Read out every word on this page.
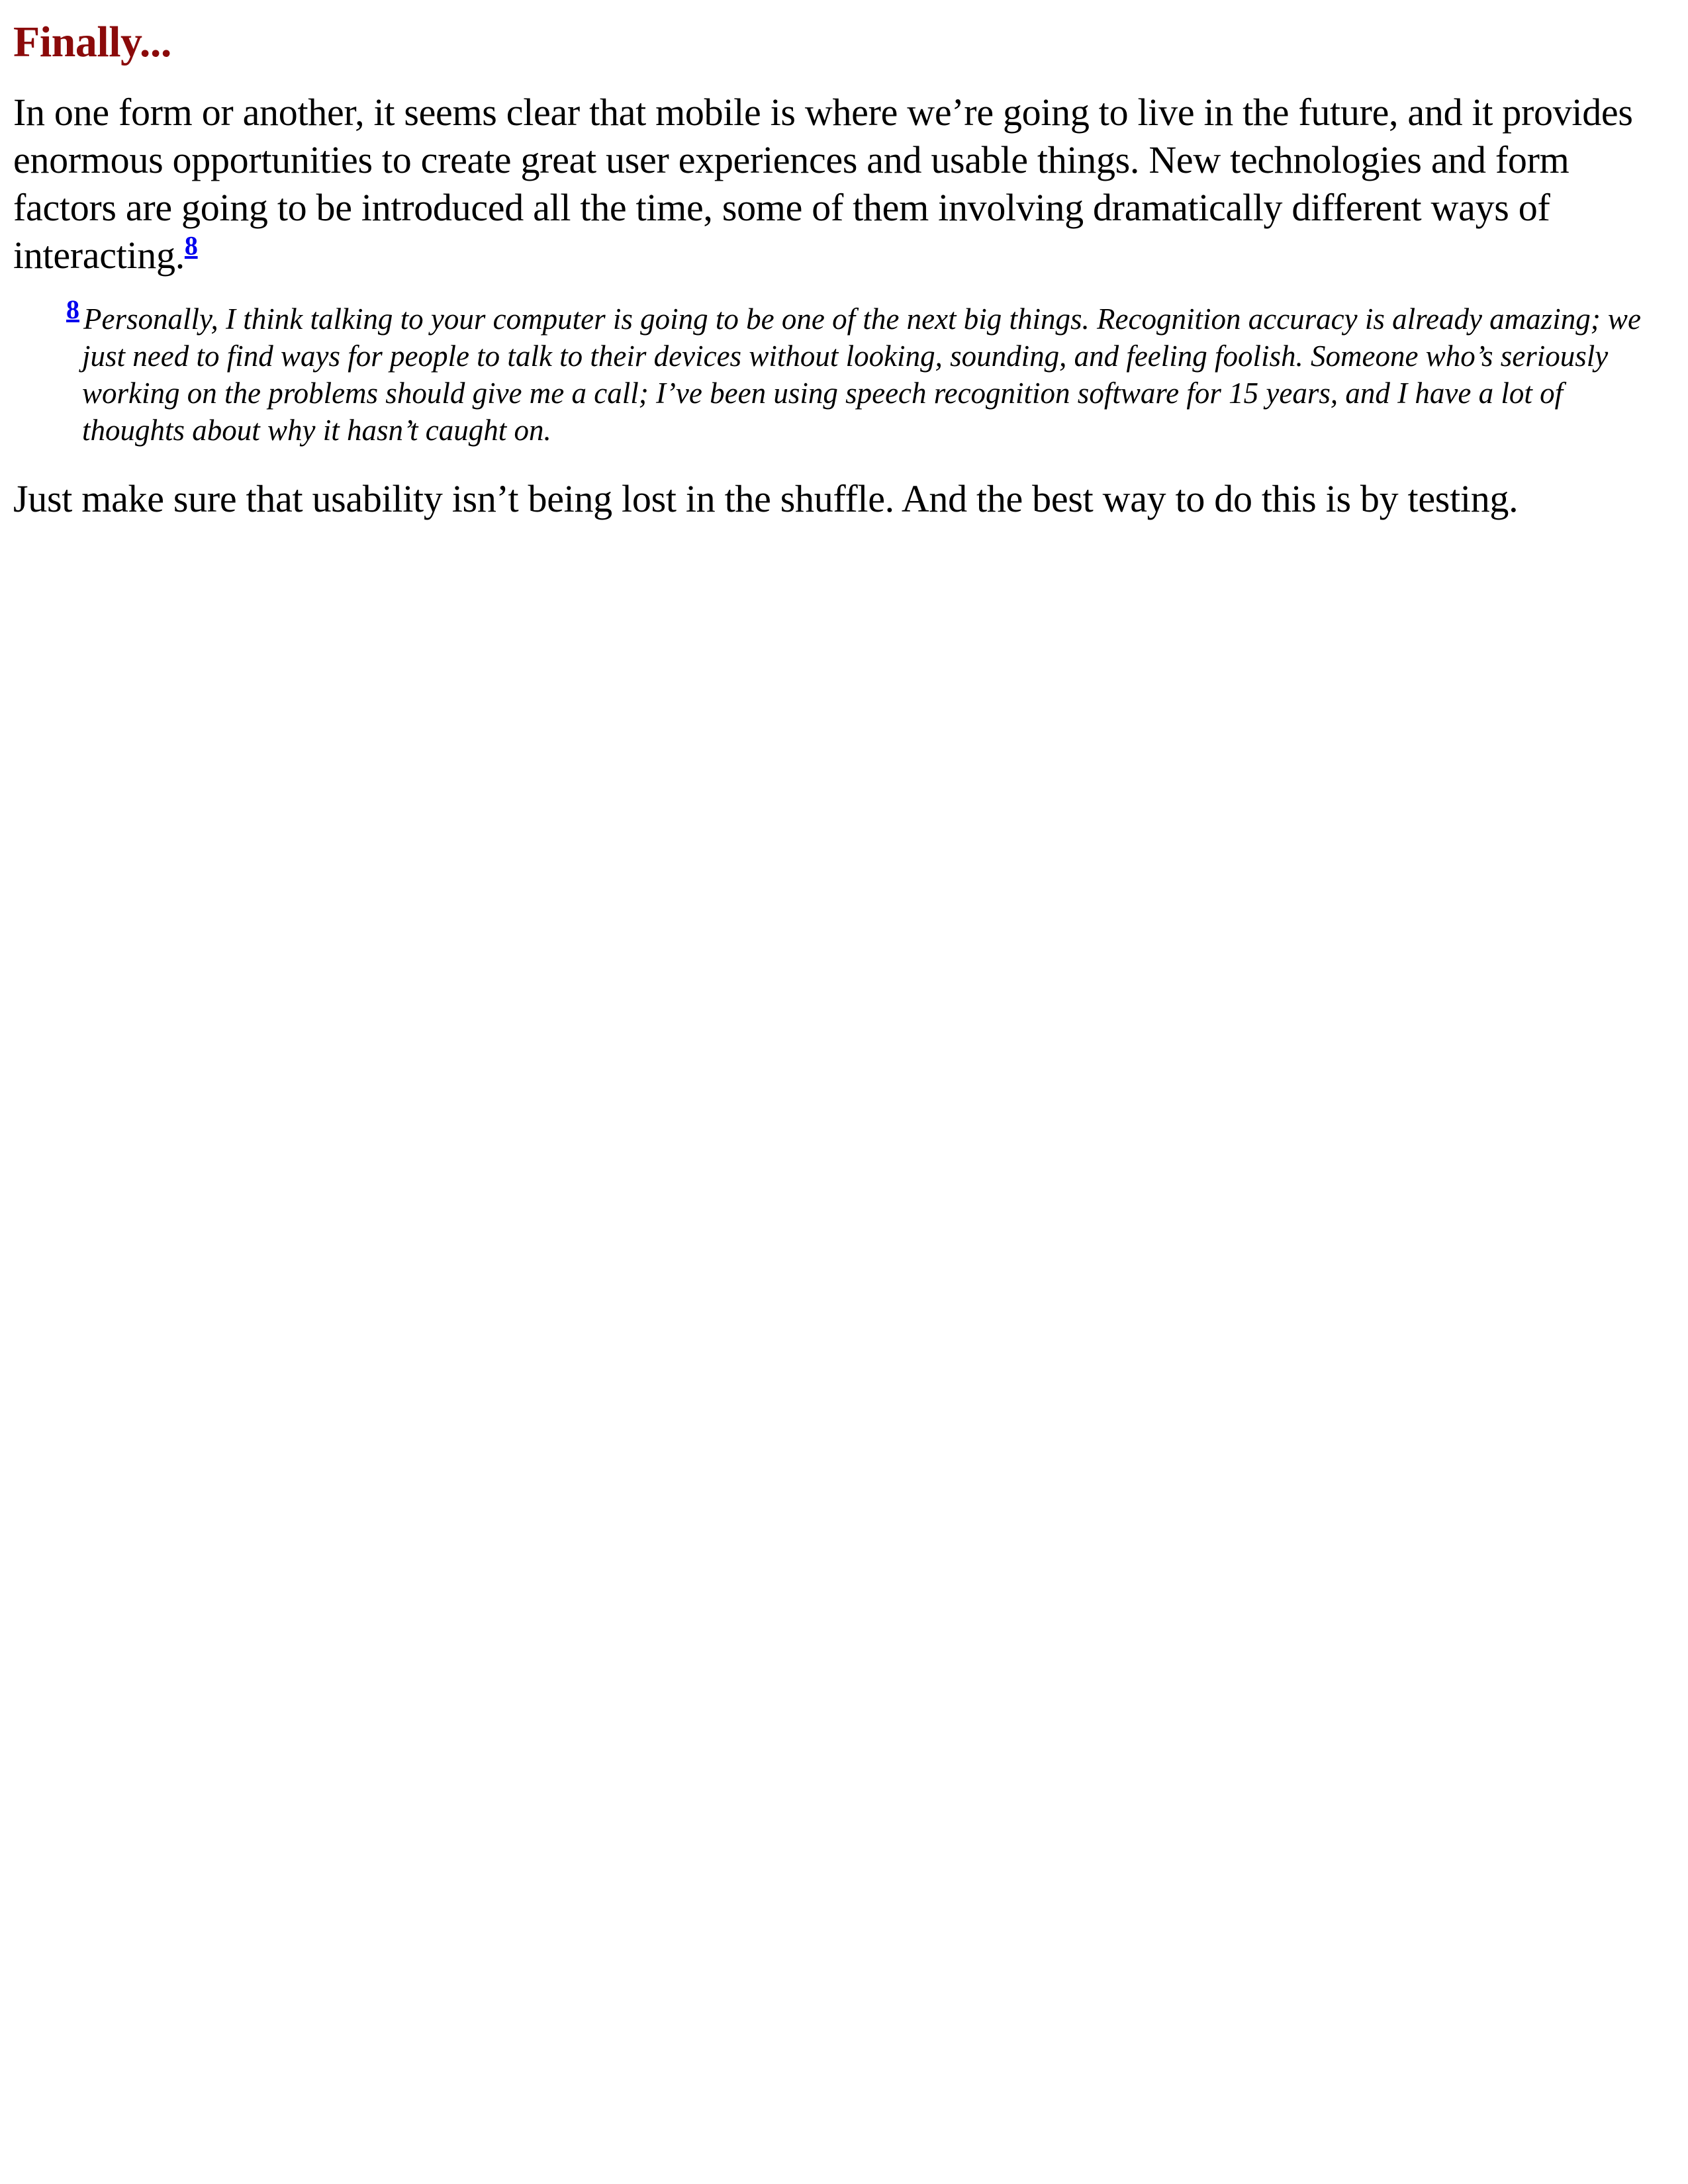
Finally...

In one form or another, it seems clear that mobile is where we’re going to live in the future, and it provides enormous opportunities to create great user experiences and usable things. New technologies and form factors are going to be introduced all the time, some of them involving dramatically different ways of interacting.$^8$

8 Personally, I think talking to your computer is going to be one of the next big things. Recognition accuracy is already amazing; we just need to find ways for people to talk to their devices without looking, sounding, and feeling foolish. Someone who’s seriously working on the problems should give me a call; I’ve been using speech recognition software for 15 years, and I have a lot of thoughts about why it hasn’t caught on.

Just make sure that usability isn’t being lost in the shuffle. And the best way to do this is by testing.
